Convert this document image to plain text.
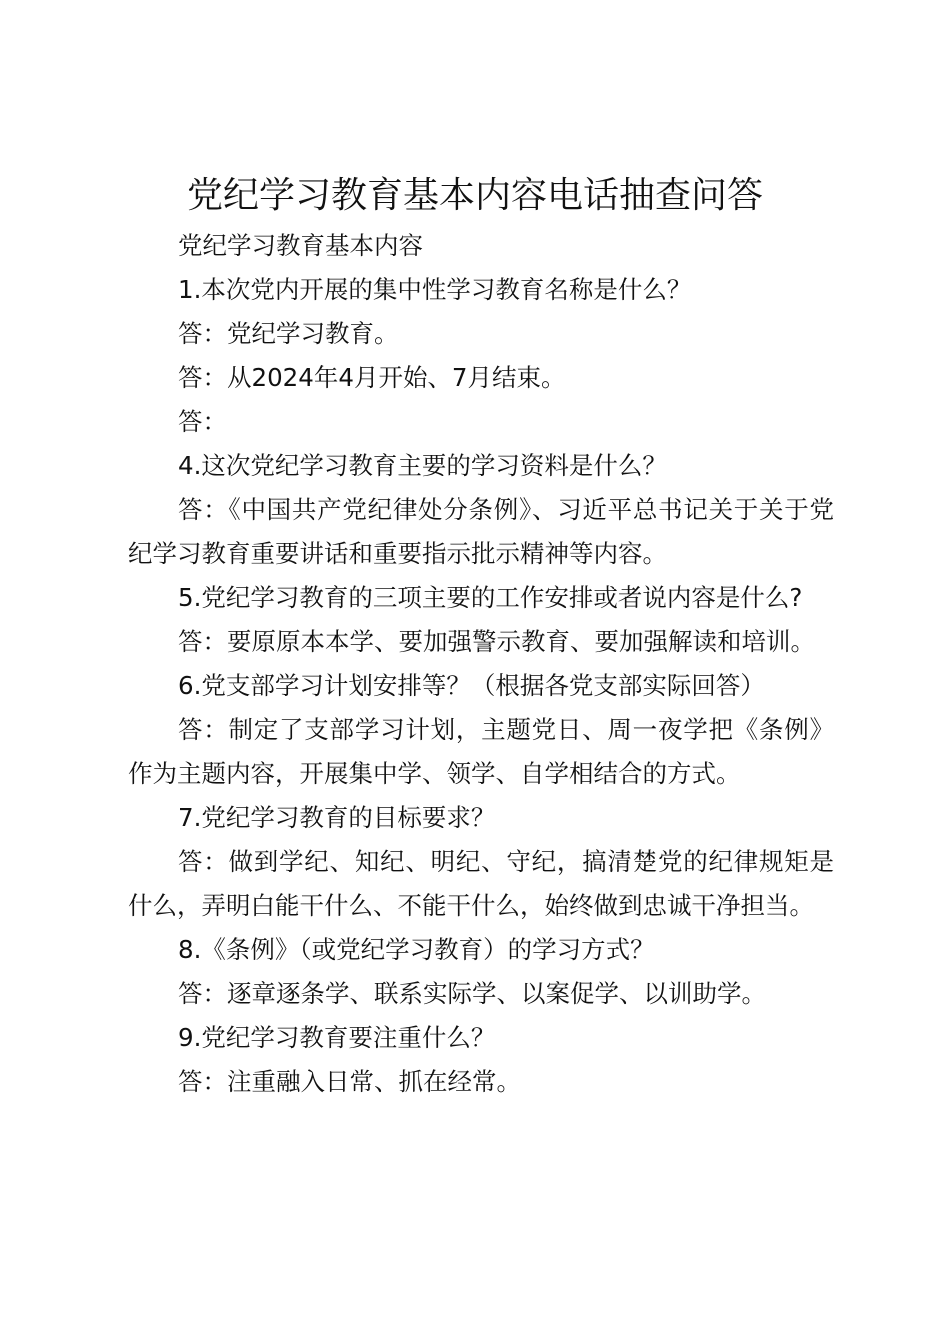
党纪学习教育基本内容电话抽查问答

党纪学习教育基本内容

1.本次党内开展的集中性学习教育名称是什么？

答：党纪学习教育。

答：从2024年4月开始、7月结束。

答：

4.这次党纪学习教育主要的学习资料是什么？

答：《中国共产党纪律处分条例》、习近平总书记关于关于党纪学习教育重要讲话和重要指示批示精神等内容。

5.党纪学习教育的三项主要的工作安排或者说内容是什么?

答：要原原本本学、要加强警示教育、要加强解读和培训。

6.党支部学习计划安排等？（根据各党支部实际回答）

答：制定了支部学习计划，主题党日、周一夜学把《条例》作为主题内容，开展集中学、领学、自学相结合的方式。

7.党纪学习教育的目标要求？

答：做到学纪、知纪、明纪、守纪，搞清楚党的纪律规矩是什么，弄明白能干什么、不能干什么，始终做到忠诚干净担当。

8.《条例》（或党纪学习教育）的学习方式？

答：逐章逐条学、联系实际学、以案促学、以训助学。

9.党纪学习教育要注重什么？

答：注重融入日常、抓在经常。
